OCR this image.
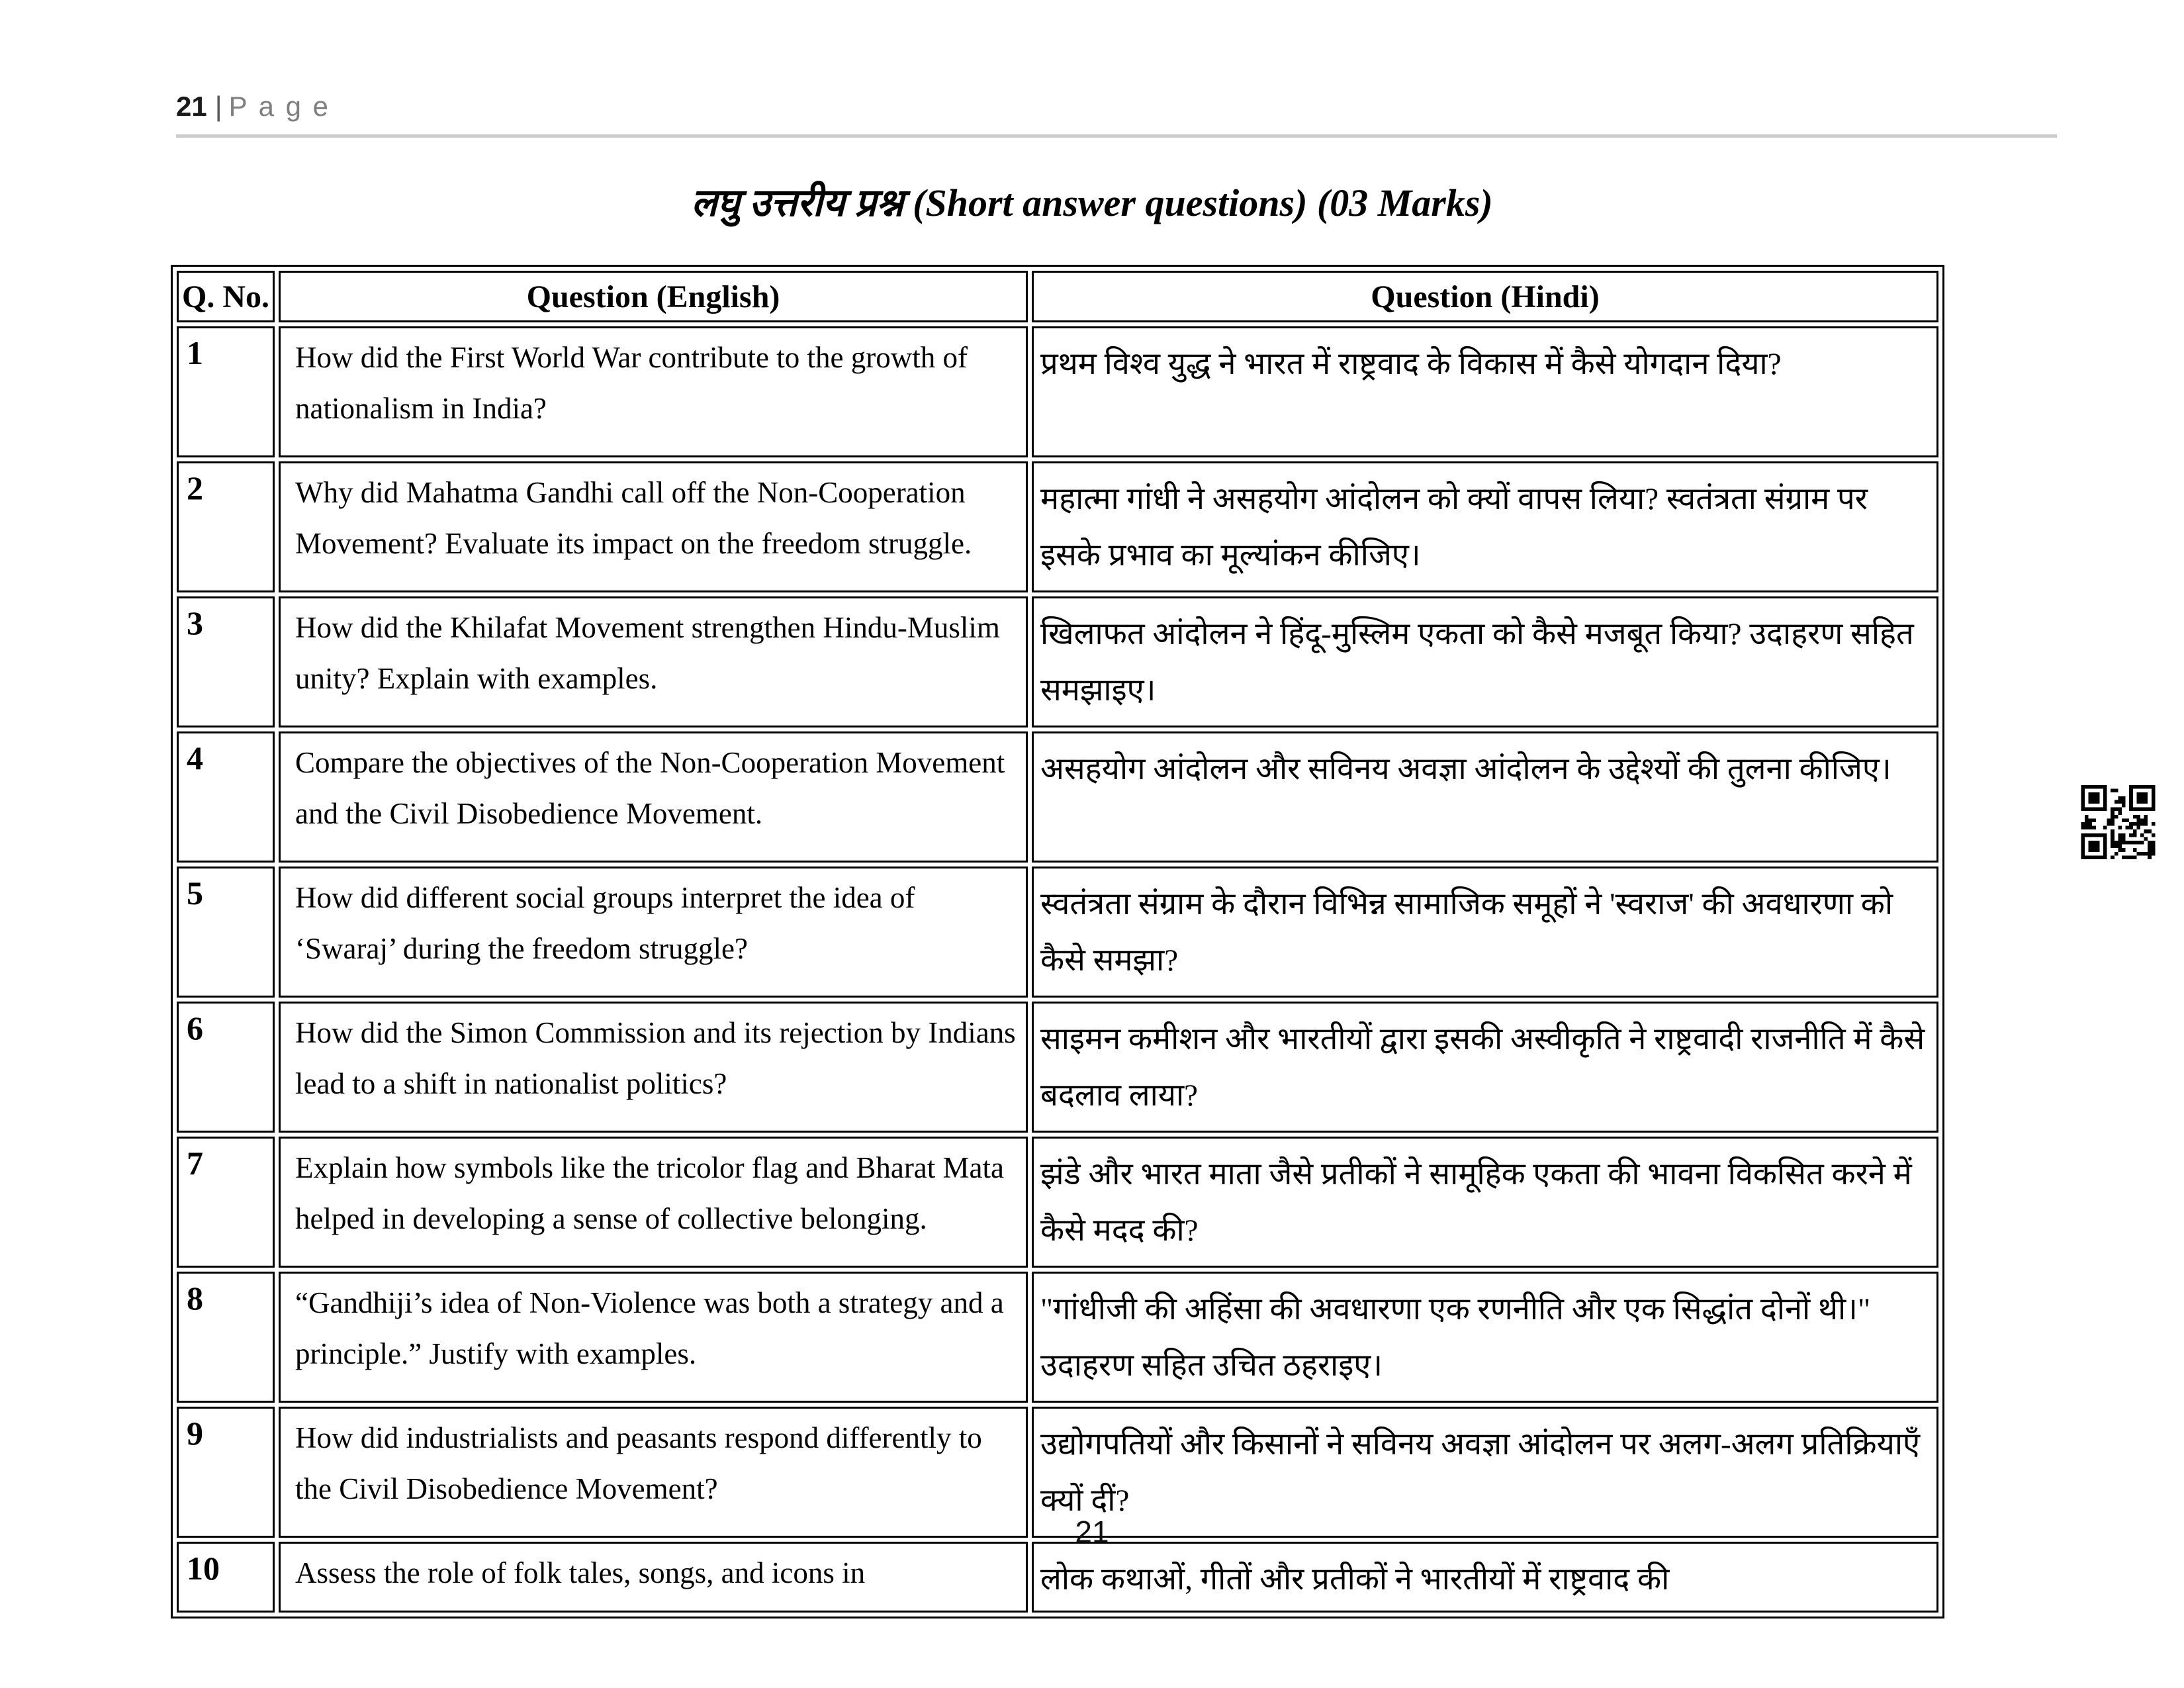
21 | P a g e
लघु उत्तरीय प्रश्न (Short answer questions) (03 Marks)
Q. No.	Question (English)	Question (Hindi)
1	How did the First World War contribute to the growth of nationalism in India?	प्रथम विश्व युद्ध ने भारत में राष्ट्रवाद के विकास में कैसे योगदान दिया?
2	Why did Mahatma Gandhi call off the Non-Cooperation Movement? Evaluate its impact on the freedom struggle.	महात्मा गांधी ने असहयोग आंदोलन को क्यों वापस लिया? स्वतंत्रता संग्राम पर इसके प्रभाव का मूल्यांकन कीजिए।
3	How did the Khilafat Movement strengthen Hindu-Muslim unity? Explain with examples.	खिलाफत आंदोलन ने हिंदू-मुस्लिम एकता को कैसे मजबूत किया? उदाहरण सहित समझाइए।
4	Compare the objectives of the Non-Cooperation Movement and the Civil Disobedience Movement.	असहयोग आंदोलन और सविनय अवज्ञा आंदोलन के उद्देश्यों की तुलना कीजिए।
5	How did different social groups interpret the idea of ‘Swaraj’ during the freedom struggle?	स्वतंत्रता संग्राम के दौरान विभिन्न सामाजिक समूहों ने 'स्वराज' की अवधारणा को कैसे समझा?
6	How did the Simon Commission and its rejection by Indians lead to a shift in nationalist politics?	साइमन कमीशन और भारतीयों द्वारा इसकी अस्वीकृति ने राष्ट्रवादी राजनीति में कैसे बदलाव लाया?
7	Explain how symbols like the tricolor flag and Bharat Mata helped in developing a sense of collective belonging.	झंडे और भारत माता जैसे प्रतीकों ने सामूहिक एकता की भावना विकसित करने में कैसे मदद की?
8	“Gandhiji’s idea of Non-Violence was both a strategy and a principle.” Justify with examples.	"गांधीजी की अहिंसा की अवधारणा एक रणनीति और एक सिद्धांत दोनों थी।" उदाहरण सहित उचित ठहराइए।
9	How did industrialists and peasants respond differently to the Civil Disobedience Movement?	उद्योगपतियों और किसानों ने सविनय अवज्ञा आंदोलन पर अलग-अलग प्रतिक्रियाएँ क्यों दीं?
10	Assess the role of folk tales, songs, and icons in	लोक कथाओं, गीतों और प्रतीकों ने भारतीयों में राष्ट्रवाद की
21
